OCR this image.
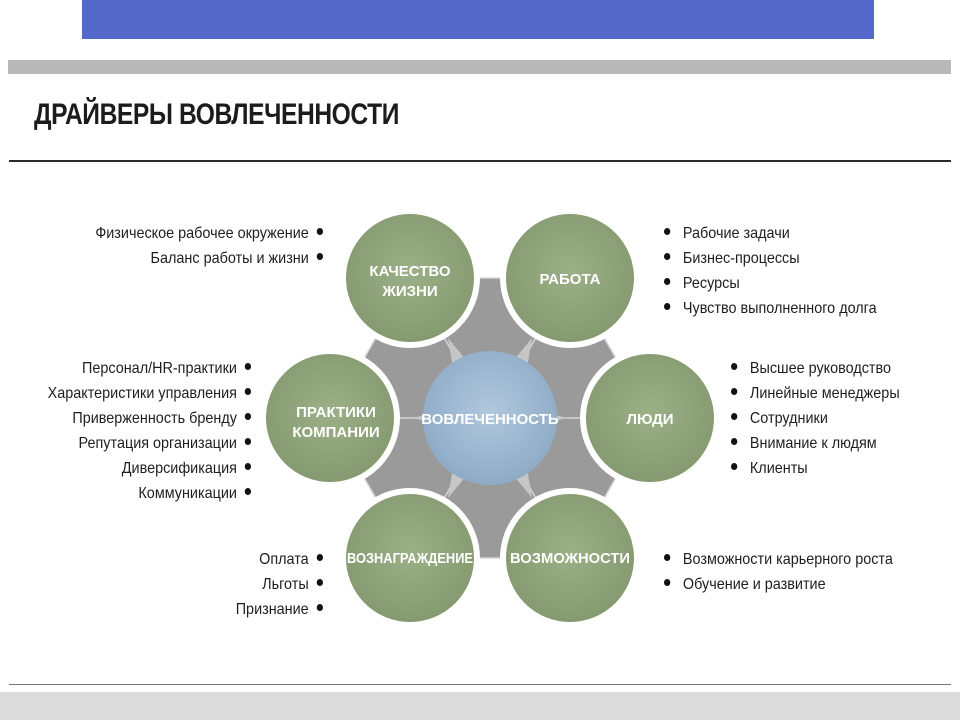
ДРАЙВЕРЫ ВОВЛЕЧЕННОСТИ
ВОВЛЕЧЕННОСТЬ
КАЧЕСТВО
ЖИЗНИ
РАБОТА
ЛЮДИ
ВОЗМОЖНОСТИ
ВОЗНАГРАЖДЕНИЕ
ПРАКТИКИ
КОМПАНИИ
Физическое рабочее окружение
Баланс работы и жизни
Рабочие задачи
Бизнес-процессы
Ресурсы
Чувство выполненного долга
Персонал/HR-практики
Характеристики управления
Приверженность бренду
Репутация организации
Диверсификация
Коммуникации
Высшее руководство
Линейные менеджеры
Сотрудники
Внимание к людям
Клиенты
Оплата
Льготы
Признание
Возможности карьерного роста
Обучение и развитие
